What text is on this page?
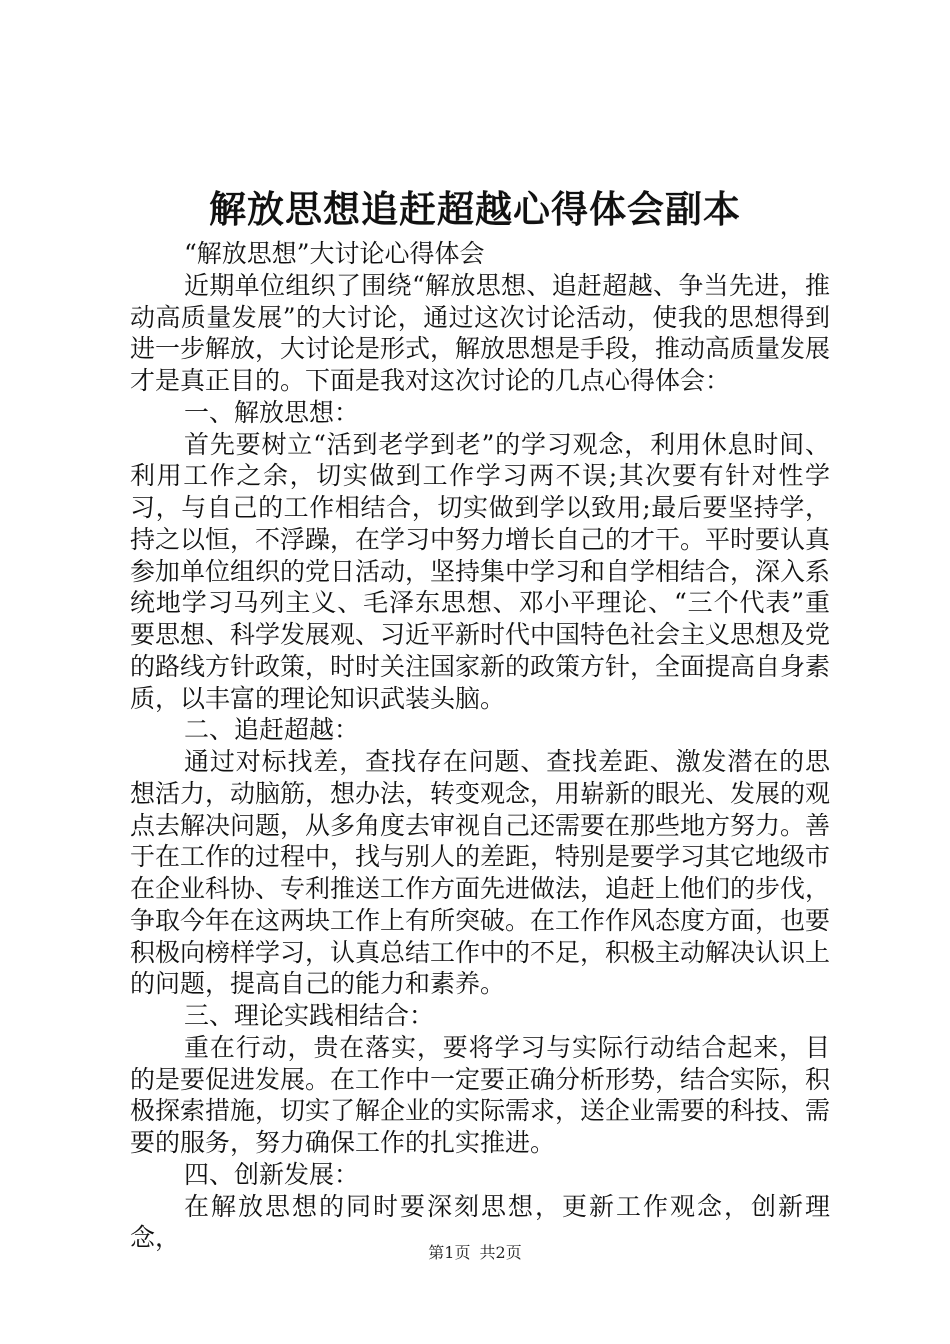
解放思想追赶超越心得体会副本

“解放思想”大讨论心得体会

近期单位组织了围绕“解放思想、追赶超越、争当先进，推动高质量发展”的大讨论，通过这次讨论活动，使我的思想得到进一步解放，大讨论是形式，解放思想是手段，推动高质量发展才是真正目的。下面是我对这次讨论的几点心得体会：

一、解放思想：

首先要树立“活到老学到老”的学习观念，利用休息时间、利用工作之余，切实做到工作学习两不误;其次要有针对性学习，与自己的工作相结合，切实做到学以致用;最后要坚持学，持之以恒，不浮躁，在学习中努力增长自己的才干。平时要认真参加单位组织的党日活动，坚持集中学习和自学相结合，深入系统地学习马列主义、毛泽东思想、邓小平理论、“三个代表”重要思想、科学发展观、习近平新时代中国特色社会主义思想及党的路线方针政策，时时关注国家新的政策方针，全面提高自身素质，以丰富的理论知识武装头脑。

二、追赶超越：

通过对标找差，查找存在问题、查找差距、激发潜在的思想活力，动脑筋，想办法，转变观念，用崭新的眼光、发展的观点去解决问题，从多角度去审视自己还需要在那些地方努力。善于在工作的过程中，找与别人的差距，特别是要学习其它地级市在企业科协、专利推送工作方面先进做法，追赶上他们的步伐，争取今年在这两块工作上有所突破。在工作作风态度方面，也要积极向榜样学习，认真总结工作中的不足，积极主动解决认识上的问题，提高自己的能力和素养。

三、理论实践相结合：

重在行动，贵在落实，要将学习与实际行动结合起来，目的是要促进发展。在工作中一定要正确分析形势，结合实际，积极探索措施，切实了解企业的实际需求，送企业需要的科技、需要的服务，努力确保工作的扎实推进。

四、创新发展：

在解放思想的同时要深刻思想，更新工作观念，创新理念，

第1页 共2页
